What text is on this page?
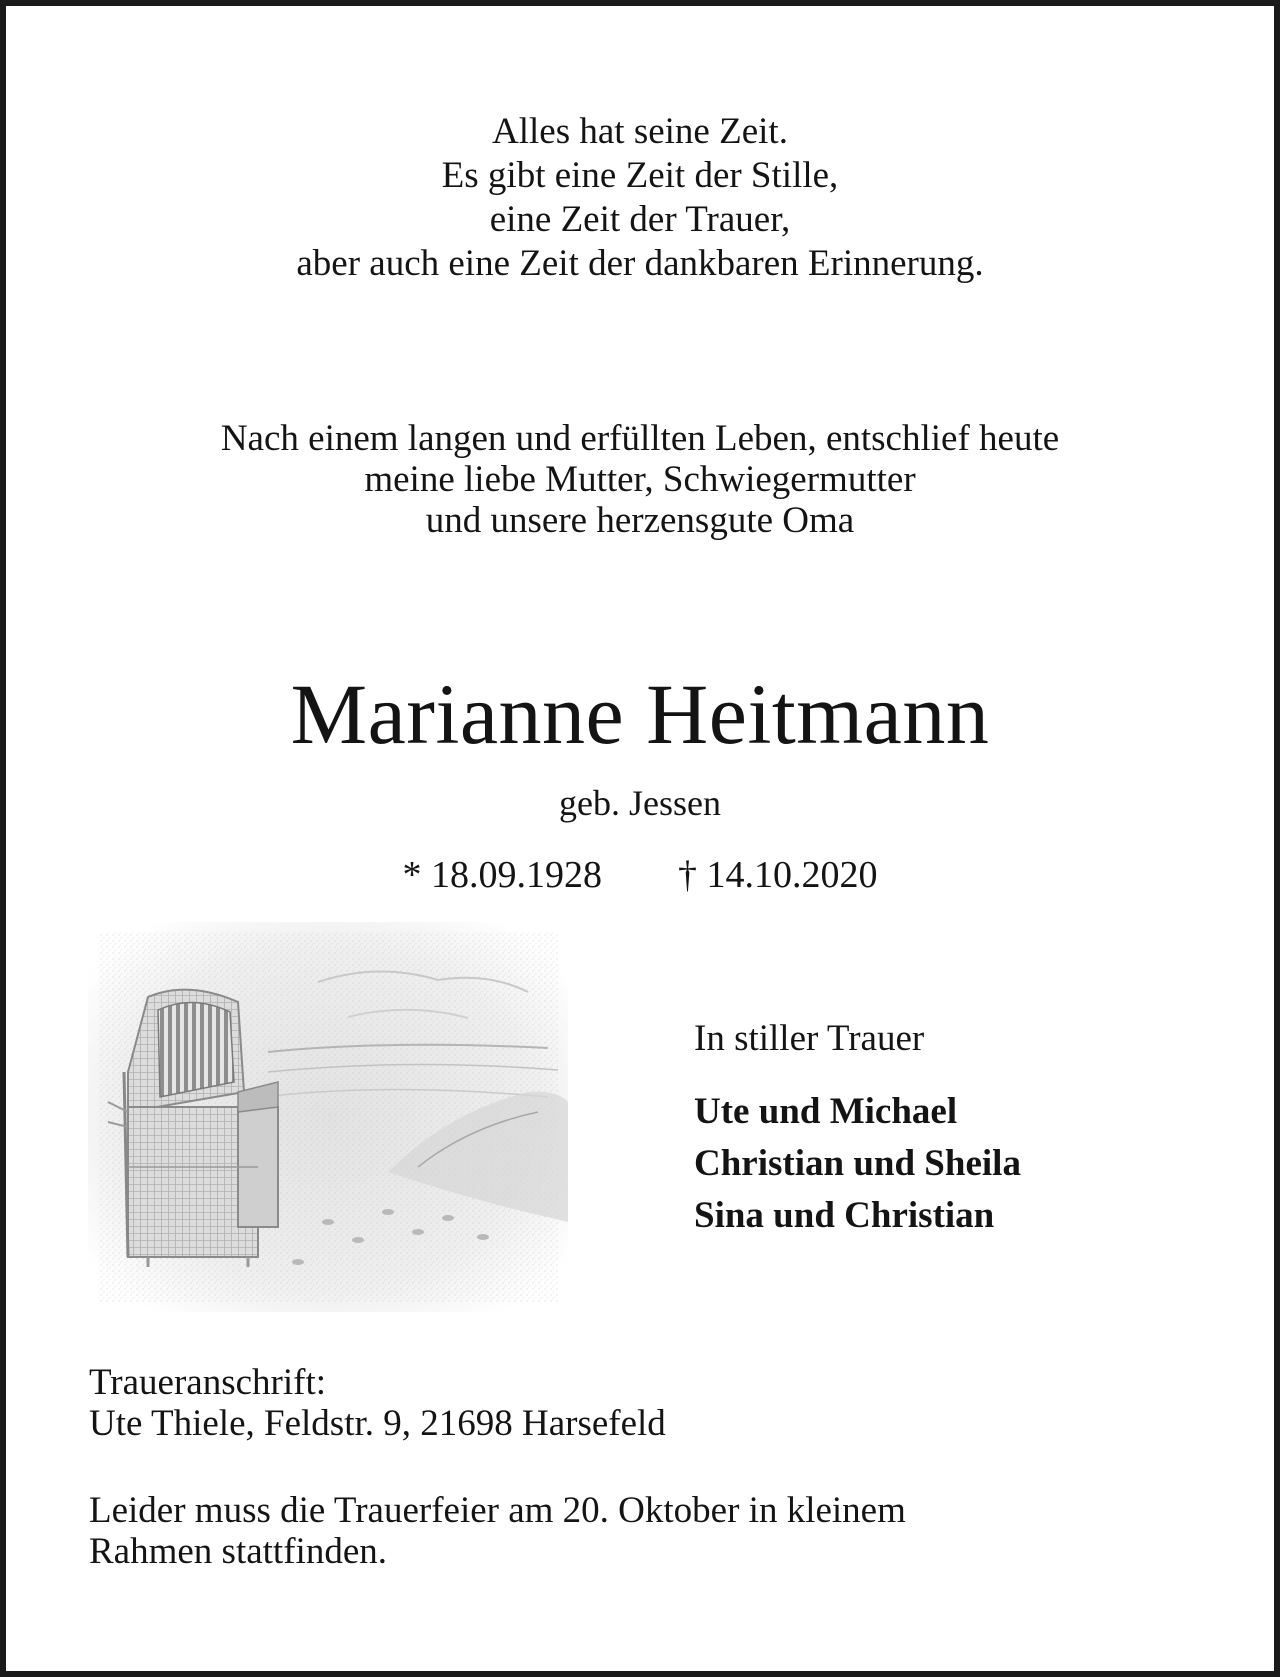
Alles hat seine Zeit.
Es gibt eine Zeit der Stille,
eine Zeit der Trauer,
aber auch eine Zeit der dankbaren Erinnerung.
Nach einem langen und erfüllten Leben, entschlief heute
meine liebe Mutter, Schwiegermutter
und unsere herzensgute Oma
Marianne Heitmann
geb. Jessen
* 18.09.1928 † 14.10.2020
In stiller Trauer
Ute und Michael
Christian und Sheila
Sina und Christian
Traueranschrift:
Ute Thiele, Feldstr. 9, 21698 Harsefeld
Leider muss die Trauerfeier am 20. Oktober in kleinem
Rahmen stattfinden.
